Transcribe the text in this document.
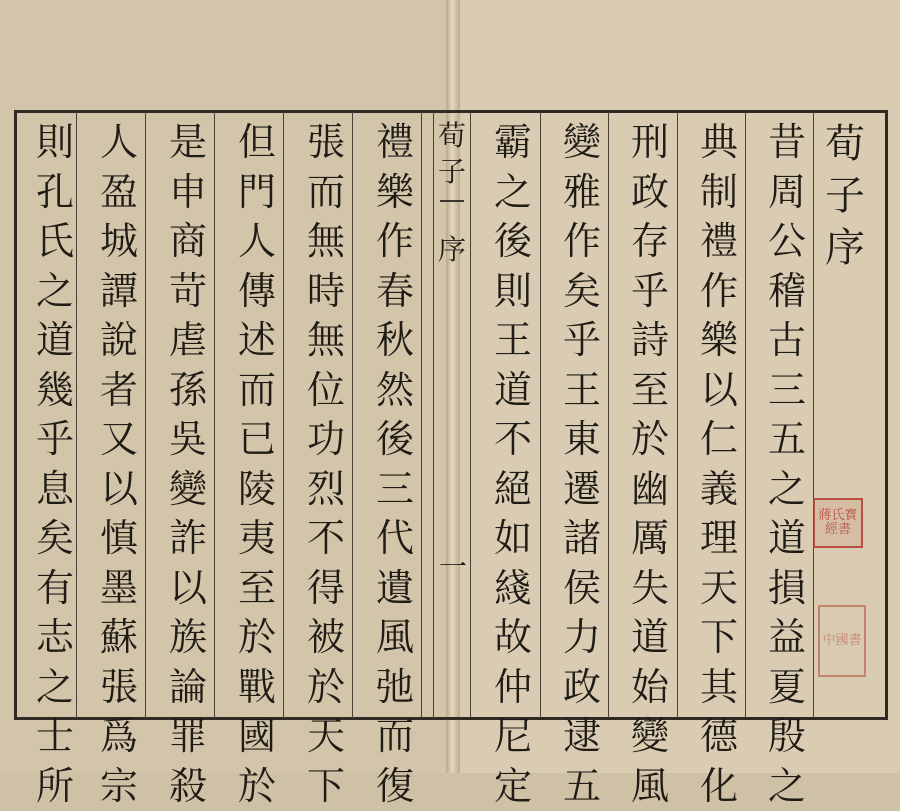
荀
子
序
一
荀
子
序
昔
周
公
稽
古
三
五
之
道
損
益
夏
殷
之
典
制
禮
作
樂
以
仁
義
理
天
下
其
德
化
刑
政
存
乎
詩
至
於
幽
厲
失
道
始
變
風
變
雅
作
矣
乎
王
東
遷
諸
侯
力
政
逮
五
霸
之
後
則
王
道
不
絕
如
綫
故
仲
尼
定
禮
樂
作
春
秋
然
後
三
代
遺
風
弛
而
復
張
而
無
時
無
位
功
烈
不
得
被
於
天
下
但
門
人
傳
述
而
已
陵
夷
至
於
戰
國
於
是
申
商
苛
虐
孫
吳
變
詐
以
族
論
罪
殺
人
盈
城
譚
說
者
又
以
慎
墨
蘇
張
爲
宗
則
孔
氏
之
道
幾
乎
息
矣
有
志
之
士
所
蔣氏寳經書
中國書
